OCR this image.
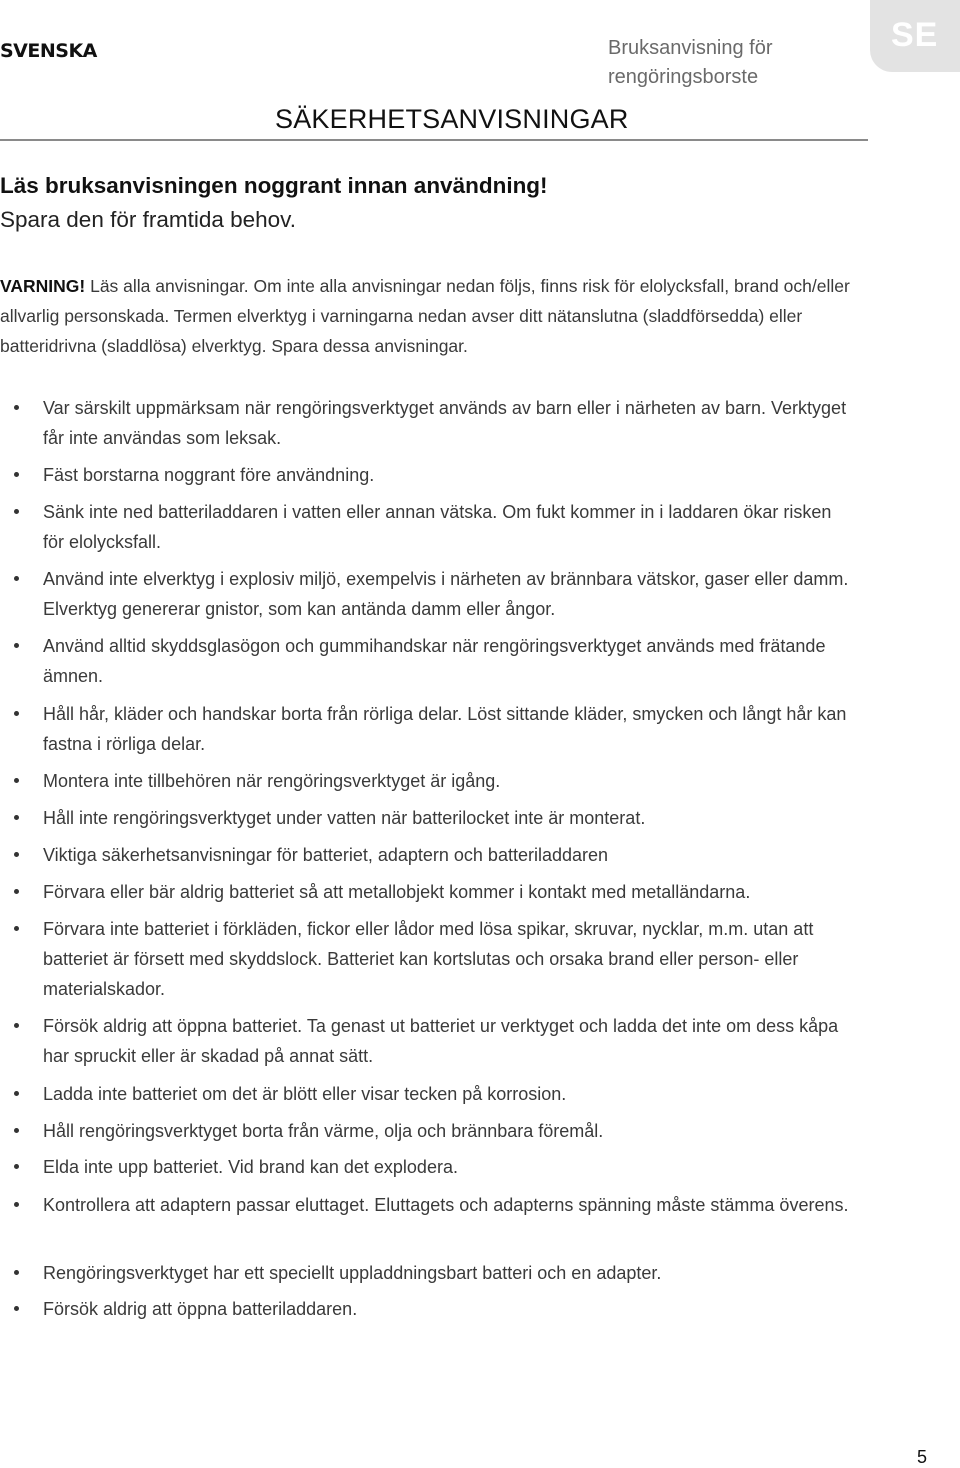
SVENSKA	Bruksanvisning för rengöringsborste
SE
SÄKERHETSANVISNINGAR
Läs bruksanvisningen noggrant innan användning!
Spara den för framtida behov.

VARNING! Läs alla anvisningar. Om inte alla anvisningar nedan följs, finns risk för elolycksfall, brand och/eller allvarlig personskada. Termen elverktyg i varningarna nedan avser ditt nätanslutna (sladdförsedda) eller batteridrivna (sladdlösa) elverktyg. Spara dessa anvisningar.

Var särskilt uppmärksam när rengöringsverktyget används av barn eller i närheten av barn. Verktyget får inte användas som leksak.
Fäst borstarna noggrant före användning.
Sänk inte ned batteriladdaren i vatten eller annan vätska. Om fukt kommer in i laddaren ökar risken för elolycksfall.
Använd inte elverktyg i explosiv miljö, exempelvis i närheten av brännbara vätskor, gaser eller damm. Elverktyg genererar gnistor, som kan antända damm eller ångor.
Använd alltid skyddsglasögon och gummihandskar när rengöringsverktyget används med frätande ämnen.
Håll hår, kläder och handskar borta från rörliga delar. Löst sittande kläder, smycken och långt hår kan fastna i rörliga delar.
Montera inte tillbehören när rengöringsverktyget är igång.
Håll inte rengöringsverktyget under vatten när batterilocket inte är monterat.
Viktiga säkerhetsanvisningar för batteriet, adaptern och batteriladdaren
Förvara eller bär aldrig batteriet så att metallobjekt kommer i kontakt med metalländarna.
Förvara inte batteriet i förkläden, fickor eller lådor med lösa spikar, skruvar, nycklar, m.m. utan att batteriet är försett med skyddslock. Batteriet kan kortslutas och orsaka brand eller person- eller materialskador.
Försök aldrig att öppna batteriet. Ta genast ut batteriet ur verktyget och ladda det inte om dess kåpa har spruckit eller är skadad på annat sätt.
Ladda inte batteriet om det är blött eller visar tecken på korrosion.
Håll rengöringsverktyget borta från värme, olja och brännbara föremål.
Elda inte upp batteriet. Vid brand kan det explodera.
Kontrollera att adaptern passar eluttaget. Eluttagets och adapterns spänning måste stämma överens.
Rengöringsverktyget har ett speciellt uppladdningsbart batteri och en adapter.
Försök aldrig att öppna batteriladdaren.
5
